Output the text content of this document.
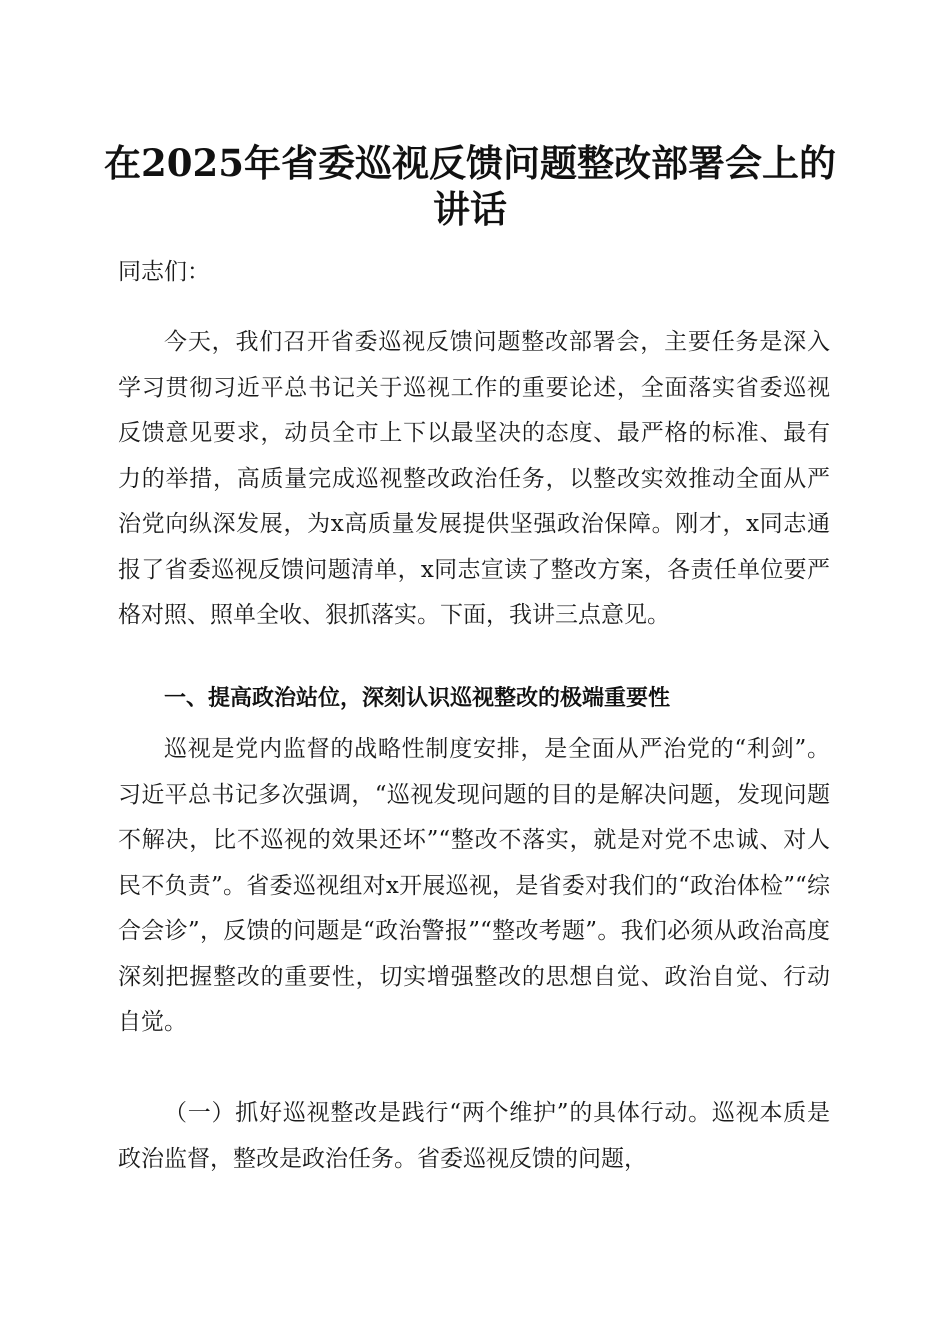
在2025年省委巡视反馈问题整改部署会上的
讲话

同志们：

今天，我们召开省委巡视反馈问题整改部署会，主要任务是深入学习贯彻习近平总书记关于巡视工作的重要论述，全面落实省委巡视反馈意见要求，动员全市上下以最坚决的态度、最严格的标准、最有力的举措，高质量完成巡视整改政治任务，以整改实效推动全面从严治党向纵深发展，为x高质量发展提供坚强政治保障。刚才，x同志通报了省委巡视反馈问题清单，x同志宣读了整改方案，各责任单位要严格对照、照单全收、狠抓落实。下面，我讲三点意见。

一、提高政治站位，深刻认识巡视整改的极端重要性

巡视是党内监督的战略性制度安排，是全面从严治党的“利剑”。习近平总书记多次强调，“巡视发现问题的目的是解决问题，发现问题不解决，比不巡视的效果还坏”“整改不落实，就是对党不忠诚、对人民不负责”。省委巡视组对x开展巡视，是省委对我们的“政治体检”“综合会诊”，反馈的问题是“政治警报”“整改考题”。我们必须从政治高度深刻把握整改的重要性，切实增强整改的思想自觉、政治自觉、行动自觉。

（一）抓好巡视整改是践行“两个维护”的具体行动。巡视本质是政治监督，整改是政治任务。省委巡视反馈的问题，
